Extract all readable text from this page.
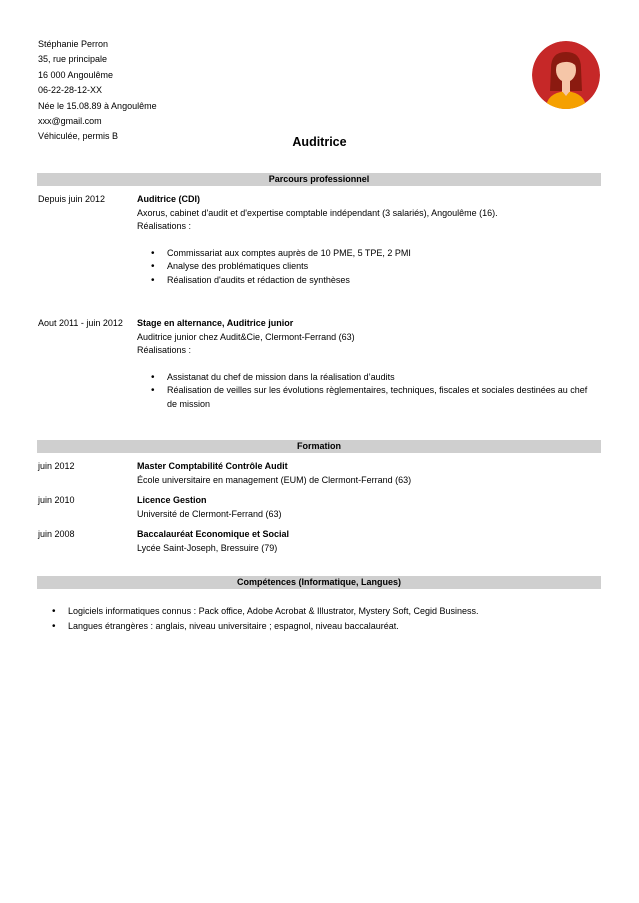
Stéphanie Perron
35, rue principale
16 000 Angoulême
06-22-28-12-XX
Née le 15.08.89 à Angoulême
xxx@gmail.com
Véhiculée, permis B	Auditrice
Parcours professionnel
Depuis juin 2012	Auditrice (CDI)
Axorus, cabinet d'audit et d'expertise comptable indépendant (3 salariés), Angoulême (16).
Réalisations :
• Commissariat aux comptes auprès de 10 PME, 5 TPE, 2 PMI
• Analyse des problématiques clients
• Réalisation d'audits et rédaction de synthèses
Aout 2011 - juin 2012 Stage en alternance, Auditrice junior
Auditrice junior chez Audit&Cie, Clermont-Ferrand (63)
Réalisations :
• Assistanat du chef de mission dans la réalisation d’audits
• Réalisation de veilles sur les évolutions règlementaires, techniques, fiscales et sociales destinées au chef de mission
Formation
juin 2012	Master Comptabilité Contrôle Audit
École universitaire en management (EUM) de Clermont-Ferrand (63)
juin 2010	Licence Gestion
Université de Clermont-Ferrand (63)
juin 2008	Baccalauréat Economique et Social
Lycée Saint-Joseph, Bressuire (79)
Compétences (Informatique, Langues)
• Logiciels informatiques connus : Pack office, Adobe Acrobat & Illustrator, Mystery Soft, Cegid Business.
• Langues étrangères : anglais, niveau universitaire ; espagnol, niveau baccalauréat.
